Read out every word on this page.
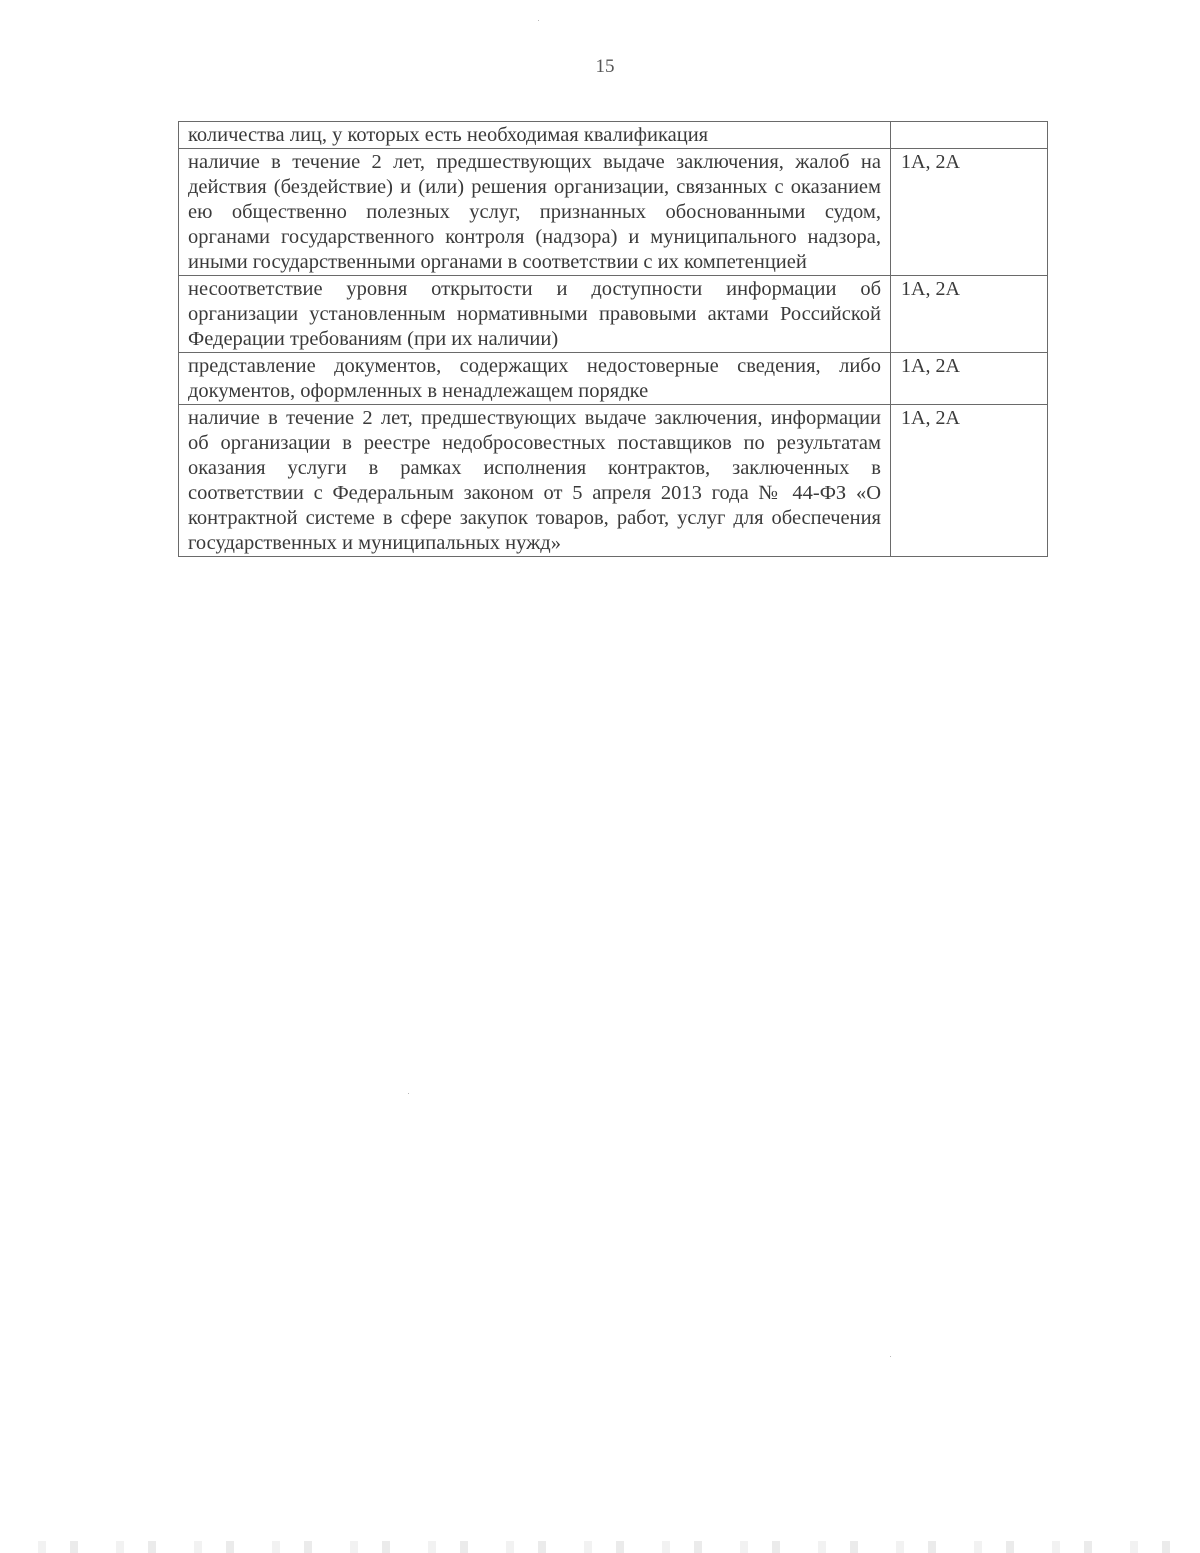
15
количества лиц, у которых есть необходимая квалификация	
наличие в течение 2 лет, предшествующих выдаче заключения, жалоб на действия (бездействие) и (или) решения организации, связанных с оказанием ею общественно полезных услуг, признанных обоснованными судом, органами государственного контроля (надзора) и муниципального надзора, иными государственными органами в соответствии с их компетенцией	1А, 2А
несоответствие уровня открытости и доступности информации об организации установленным нормативными правовыми актами Российской Федерации требованиям (при их наличии)	1А, 2А
представление документов, содержащих недостоверные сведения, либо документов, оформленных в ненадлежащем порядке	1А, 2А
наличие в течение 2 лет, предшествующих выдаче заключения, информации об организации в реестре недобросовестных поставщиков по результатам оказания услуги в рамках исполнения контрактов, заключенных в соответствии с Федеральным законом от 5 апреля 2013 года № 44-ФЗ «О контрактной системе в сфере закупок товаров, работ, услуг для обеспечения государственных и муниципальных нужд»	1А, 2А
